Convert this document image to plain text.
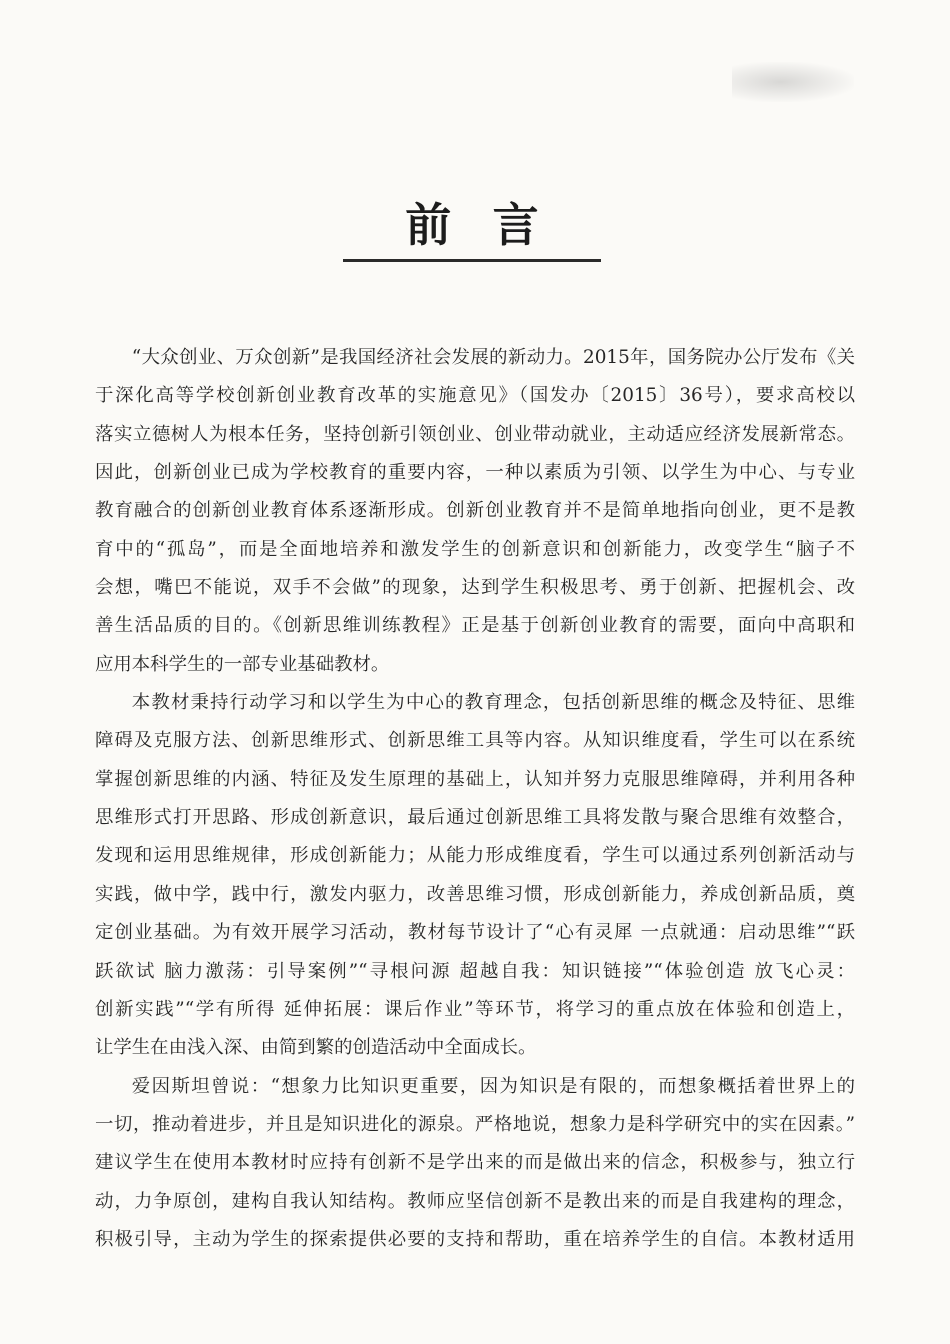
前言
“大众创业、万众创新”是我国经济社会发展的新动力。2015年，国务院办公厅发布《关
于深化高等学校创新创业教育改革的实施意见》（国发办〔2015〕36号），要求高校以
落实立德树人为根本任务，坚持创新引领创业、创业带动就业，主动适应经济发展新常态。
因此，创新创业已成为学校教育的重要内容，一种以素质为引领、以学生为中心、与专业
教育融合的创新创业教育体系逐渐形成。创新创业教育并不是简单地指向创业，更不是教
育中的“孤岛”，而是全面地培养和激发学生的创新意识和创新能力，改变学生“脑子不
会想，嘴巴不能说，双手不会做”的现象，达到学生积极思考、勇于创新、把握机会、改
善生活品质的目的。《创新思维训练教程》正是基于创新创业教育的需要，面向中高职和
应用本科学生的一部专业基础教材。
本教材秉持行动学习和以学生为中心的教育理念，包括创新思维的概念及特征、思维
障碍及克服方法、创新思维形式、创新思维工具等内容。从知识维度看，学生可以在系统
掌握创新思维的内涵、特征及发生原理的基础上，认知并努力克服思维障碍，并利用各种
思维形式打开思路、形成创新意识，最后通过创新思维工具将发散与聚合思维有效整合，
发现和运用思维规律，形成创新能力；从能力形成维度看，学生可以通过系列创新活动与
实践，做中学，践中行，激发内驱力，改善思维习惯，形成创新能力，养成创新品质，奠
定创业基础。为有效开展学习活动，教材每节设计了“心有灵犀 一点就通：启动思维”“跃
跃欲试 脑力激荡：引导案例”“寻根问源 超越自我：知识链接”“体验创造 放飞心灵：
创新实践”“学有所得 延伸拓展：课后作业”等环节，将学习的重点放在体验和创造上，
让学生在由浅入深、由简到繁的创造活动中全面成长。
爱因斯坦曾说：“想象力比知识更重要，因为知识是有限的，而想象概括着世界上的
一切，推动着进步，并且是知识进化的源泉。严格地说，想象力是科学研究中的实在因素。”
建议学生在使用本教材时应持有创新不是学出来的而是做出来的信念，积极参与，独立行
动，力争原创，建构自我认知结构。教师应坚信创新不是教出来的而是自我建构的理念，
积极引导，主动为学生的探索提供必要的支持和帮助，重在培养学生的自信。本教材适用
